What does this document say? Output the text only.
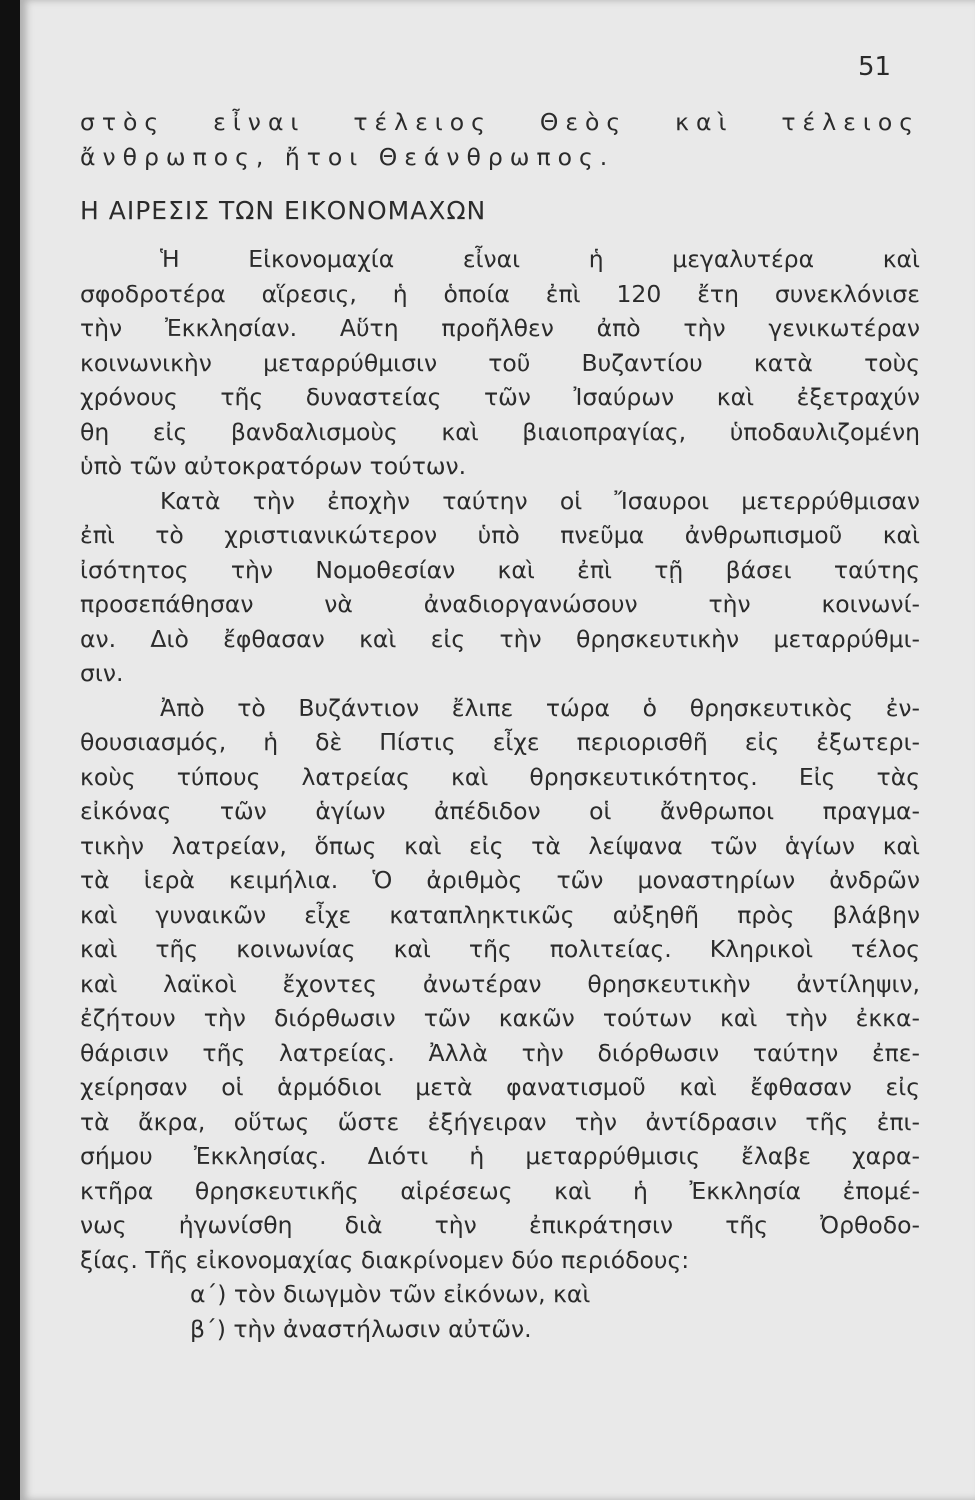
51
στὸς εἶναι τέλειος Θεὸς καὶ τέλειος
ἄνθρωπος, ἤτοι Θεάνθρωπος.
Η ΑΙΡΕΣΙΣ ΤΩΝ ΕΙΚΟΝΟΜΑΧΩΝ
Ἡ Εἰκονομαχία εἶναι ἡ μεγαλυτέρα καὶ
σφοδροτέρα αἵρεσις, ἡ ὁποία ἐπὶ 120 ἔτη συνεκλόνισε
τὴν Ἐκκλησίαν. Αὕτη προῆλθεν ἀπὸ τὴν γενικωτέραν
κοινωνικὴν μεταρρύθμισιν τοῦ Βυζαντίου κατὰ τοὺς
χρόνους τῆς δυναστείας τῶν Ἰσαύρων καὶ ἐξετραχύν
θη εἰς βανδαλισμοὺς καὶ βιαιοπραγίας, ὑποδαυλιζομένη
ὑπὸ τῶν αὐτοκρατόρων τούτων.
Κατὰ τὴν ἐποχὴν ταύτην οἱ Ἴσαυροι μετερρύθμισαν
ἐπὶ τὸ χριστιανικώτερον ὑπὸ πνεῦμα ἀνθρωπισμοῦ καὶ
ἰσότητος τὴν Νομοθεσίαν καὶ ἐπὶ τῇ βάσει ταύτης
προσεπάθησαν νὰ ἀναδιοργανώσουν τὴν κοινωνί-
αν. Διὸ ἔφθασαν καὶ εἰς τὴν θρησκευτικὴν μεταρρύθμι-
σιν.
Ἀπὸ τὸ Βυζάντιον ἔλιπε τώρα ὁ θρησκευτικὸς ἐν-
θουσιασμός, ἡ δὲ Πίστις εἶχε περιορισθῆ εἰς ἐξωτερι-
κοὺς τύπους λατρείας καὶ θρησκευτικότητος. Εἰς τὰς
εἰκόνας τῶν ἁγίων ἀπέδιδον οἱ ἄνθρωποι πραγμα-
τικὴν λατρείαν, ὅπως καὶ εἰς τὰ λείψανα τῶν ἁγίων καὶ
τὰ ἱερὰ κειμήλια. Ὁ ἀριθμὸς τῶν μοναστηρίων ἀνδρῶν
καὶ γυναικῶν εἶχε καταπληκτικῶς αὐξηθῆ πρὸς βλάβην
καὶ τῆς κοινωνίας καὶ τῆς πολιτείας. Κληρικοὶ τέλος
καὶ λαϊκοὶ ἔχοντες ἀνωτέραν θρησκευτικὴν ἀντίληψιν,
ἐζήτουν τὴν διόρθωσιν τῶν κακῶν τούτων καὶ τὴν ἐκκα-
θάρισιν τῆς λατρείας. Ἀλλὰ τὴν διόρθωσιν ταύτην ἐπε-
χείρησαν οἱ ἁρμόδιοι μετὰ φανατισμοῦ καὶ ἔφθασαν εἰς
τὰ ἄκρα, οὕτως ὥστε ἐξήγειραν τὴν ἀντίδρασιν τῆς ἐπι-
σήμου Ἐκκλησίας. Διότι ἡ μεταρρύθμισις ἔλαβε χαρα-
κτῆρα θρησκευτικῆς αἱρέσεως καὶ ἡ Ἐκκλησία ἐπομέ-
νως ἠγωνίσθη διὰ τὴν ἐπικράτησιν τῆς Ὀρθοδο-
ξίας. Τῆς εἰκονομαχίας διακρίνομεν δύο περιόδους:
α΄) τὸν διωγμὸν τῶν εἰκόνων, καὶ
β΄) τὴν ἀναστήλωσιν αὐτῶν.
